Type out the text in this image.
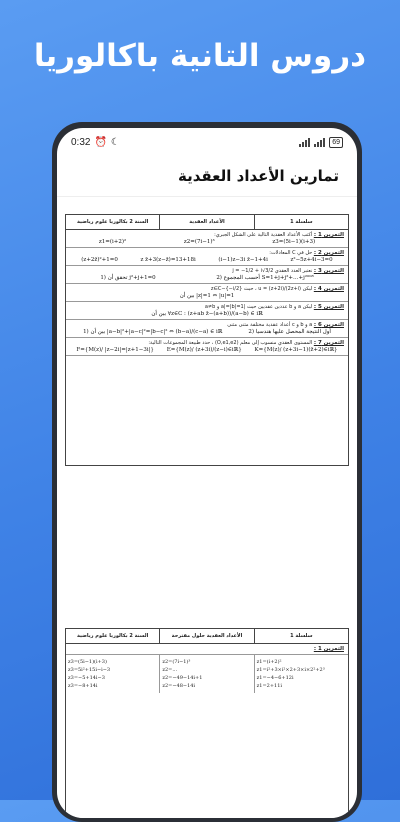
دروس التانية باكالوريا
0:32 ⏰ ☾	69
تمارين الأعداد العقدية
السنة 2 بكالوريا علوم رياضية	الأعداد العقدية	سلسلة 1
التمرين 1 : أكتب الأعداد العقدية التالية على الشكل الجبري:
z1=(i+2)²	z2=(7i−1)³	z3=(5i−1)(i+3)
التمرين 2 : حل في C المعادلات:
(z+2z̄)²+1=0	z z̄+3(z−z̄)=13+18i	(i−1)z−3i z̄−1+4i	z²−5z+4i−3=0
التمرين 3 : نعتبر العدد العقدي j = −1/2 + i√3/2
1) تحقق أن j²+j+1=0	2) أحسب المجموع S=1+j+j²+…+j²⁰⁰⁸
التمرين 4 : ليكن u = (z+2i)/(2z+i) ، حيث z∈C−{−i/2}
بين أن |z|=1 ⇔ |u|=1
التمرين 5 : ليكن a و b عددين عقديين حيث |a|=|b|=1 و a≠b
بين أن ∀z∈C : (z+ab z̄−(a+b))/(a−b) ∈ iℝ
التمرين 6 : a و b و c أعداد عقدية مختلفة مثنى مثنى
1) بين أن |a−b|²+|a−c|²=|b−c|² ⇔ (b−a)/(c−a) ∈ iℝ	2) أول النتيجة المحصل عليها هندسيا
التمرين 7 : المستوى العقدي منسوب إلى معلم (O,e1,e2) ، حدد طبيعة المجموعات التالية:
F={M(z)/ |z−2i|=|z+1−3i|} E={M(z)/ (z+3i)/(z−i)∈iℝ} K={M(z)/ (z+3i−1)(z̄+2)∈iℝ}
السنة 2 بكالوريا علوم رياضية	الأعداد العقدية حلول مقترحة	سلسلة 1
التمرين 1 :
z3=(5i−1)(i+3)
z3=5i²+15i−i−3
z3=−5+14i−3
z3=−8+14i
z2=(7i−1)³
z2=...
z2=−49−14i+1
z2=−48−14i
z1=(i+2)²
z1=i²+3×i²×2+3×i×2²+2³
z1=−4−6+12i
z1=2+11i
